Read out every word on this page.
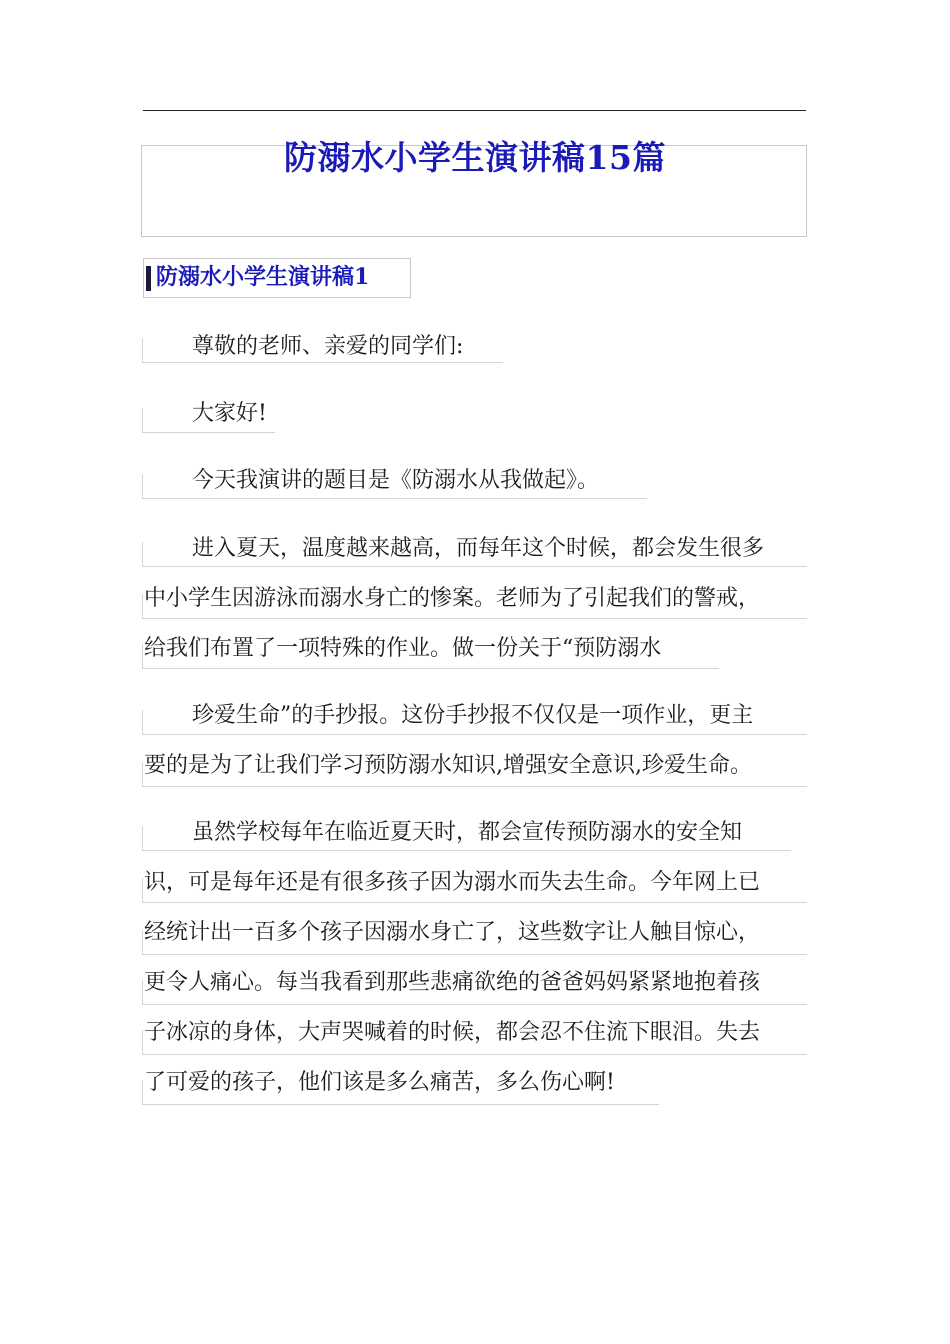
防溺水小学生演讲稿15篇
防溺水小学生演讲稿1
尊敬的老师、亲爱的同学们:
大家好!
今天我演讲的题目是《防溺水从我做起》。
进入夏天，温度越来越高，而每年这个时候，都会发生很多
中小学生因游泳而溺水身亡的惨案。老师为了引起我们的警戒，
给我们布置了一项特殊的作业。做一份关于“预防溺水
珍爱生命”的手抄报。这份手抄报不仅仅是一项作业，更主
要的是为了让我们学习预防溺水知识,增强安全意识,珍爱生命。
虽然学校每年在临近夏天时，都会宣传预防溺水的安全知
识，可是每年还是有很多孩子因为溺水而失去生命。今年网上已
经统计出一百多个孩子因溺水身亡了，这些数字让人触目惊心，
更令人痛心。每当我看到那些悲痛欲绝的爸爸妈妈紧紧地抱着孩
子冰凉的身体，大声哭喊着的时候，都会忍不住流下眼泪。失去
了可爱的孩子，他们该是多么痛苦，多么伤心啊!
